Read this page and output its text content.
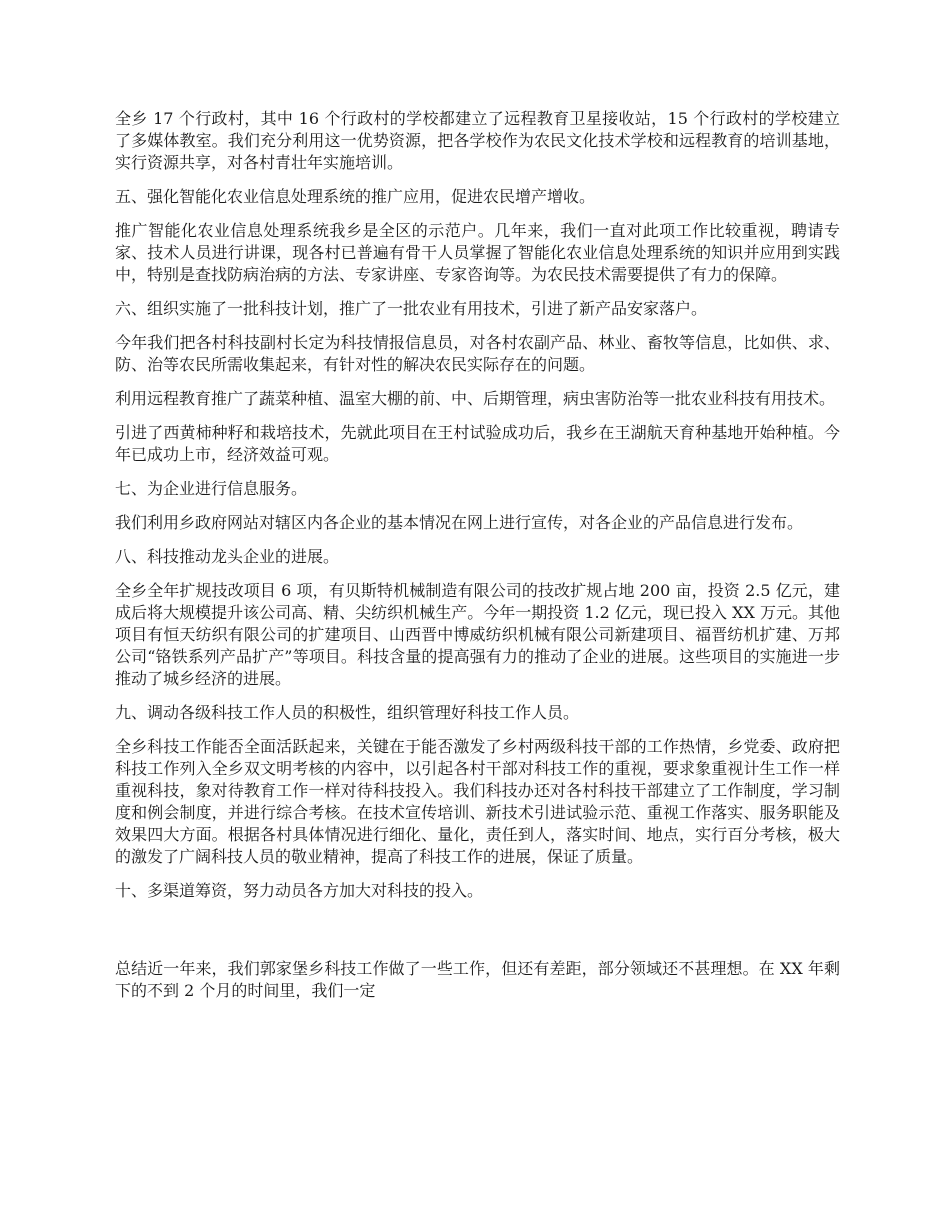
全乡 17 个行政村，其中 16 个行政村的学校都建立了远程教育卫星接收站，15 个行政村的学校建立了多媒体教室。我们充分利用这一优势资源，把各学校作为农民文化技术学校和远程教育的培训基地，实行资源共享，对各村青壮年实施培训。

五、强化智能化农业信息处理系统的推广应用，促进农民增产增收。

推广智能化农业信息处理系统我乡是全区的示范户。几年来，我们一直对此项工作比较重视，聘请专家、技术人员进行讲课，现各村已普遍有骨干人员掌握了智能化农业信息处理系统的知识并应用到实践中，特别是查找防病治病的方法、专家讲座、专家咨询等。为农民技术需要提供了有力的保障。

六、组织实施了一批科技计划，推广了一批农业有用技术，引进了新产品安家落户。

今年我们把各村科技副村长定为科技情报信息员，对各村农副产品、林业、畜牧等信息，比如供、求、防、治等农民所需收集起来，有针对性的解决农民实际存在的问题。

利用远程教育推广了蔬菜种植、温室大棚的前、中、后期管理，病虫害防治等一批农业科技有用技术。

引进了西黄柿种籽和栽培技术，先就此项目在王村试验成功后，我乡在王湖航天育种基地开始种植。今年已成功上市，经济效益可观。

七、为企业进行信息服务。

我们利用乡政府网站对辖区内各企业的基本情况在网上进行宣传，对各企业的产品信息进行发布。

八、科技推动龙头企业的进展。

全乡全年扩规技改项目 6 项，有贝斯特机械制造有限公司的技改扩规占地 200 亩，投资 2.5 亿元，建成后将大规模提升该公司高、精、尖纺织机械生产。今年一期投资 1.2 亿元，现已投入 XX 万元。其他项目有恒天纺织有限公司的扩建项目、山西晋中博威纺织机械有限公司新建项目、福晋纺机扩建、万邦公司“铬铁系列产品扩产”等项目。科技含量的提高强有力的推动了企业的进展。这些项目的实施进一步推动了城乡经济的进展。

九、调动各级科技工作人员的积极性，组织管理好科技工作人员。

全乡科技工作能否全面活跃起来，关键在于能否激发了乡村两级科技干部的工作热情，乡党委、政府把科技工作列入全乡双文明考核的内容中，以引起各村干部对科技工作的重视，要求象重视计生工作一样重视科技，象对待教育工作一样对待科技投入。我们科技办还对各村科技干部建立了工作制度，学习制度和例会制度，并进行综合考核。在技术宣传培训、新技术引进试验示范、重视工作落实、服务职能及效果四大方面。根据各村具体情况进行细化、量化，责任到人，落实时间、地点，实行百分考核，极大的激发了广阔科技人员的敬业精神，提高了科技工作的进展，保证了质量。

十、多渠道筹资，努力动员各方加大对科技的投入。

总结近一年来，我们郭家堡乡科技工作做了一些工作，但还有差距，部分领域还不甚理想。在 XX 年剩下的不到 2 个月的时间里，我们一定
